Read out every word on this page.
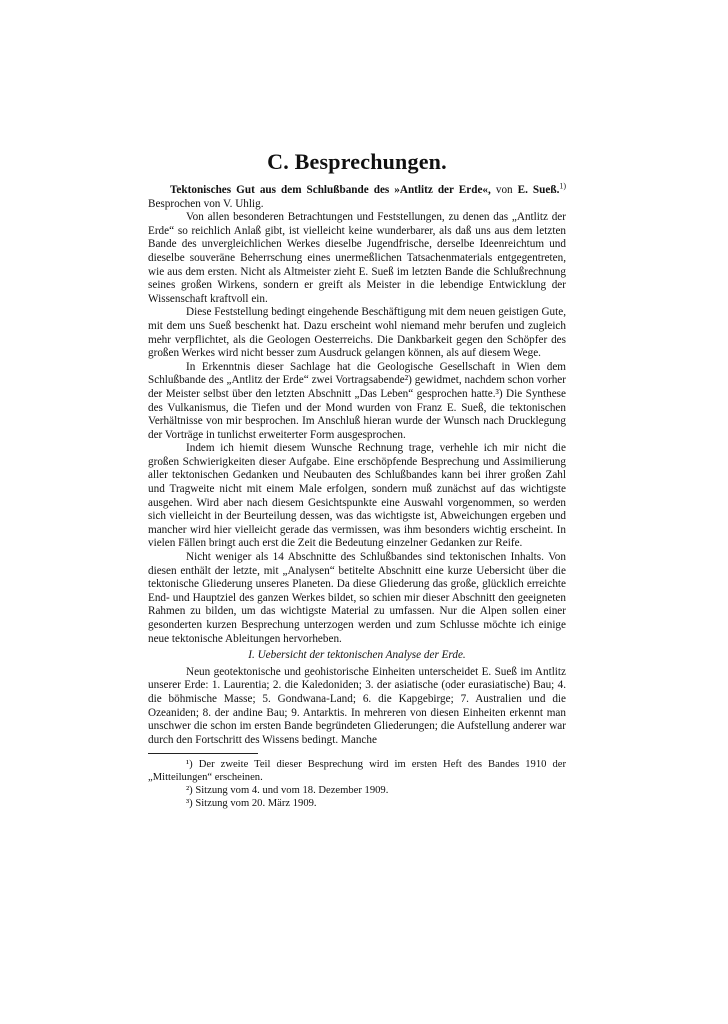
C. Besprechungen.

Tektonisches Gut aus dem Schlußbande des »Antlitz der Erde«, von E. Sueß.$^{1)}$ Besprochen von V. Uhlig.

Von allen besonderen Betrachtungen und Feststellungen, zu denen das „Antlitz der Erde“ so reichlich Anlaß gibt, ist vielleicht keine wunderbarer, als daß uns aus dem letzten Bande des unvergleichlichen Werkes dieselbe Jugendfrische, derselbe Ideenreichtum und dieselbe souveräne Beherrschung eines unermeßlichen Tatsachenmaterials entgegentreten, wie aus dem ersten. Nicht als Altmeister zieht E. Sueß im letzten Bande die Schlußrechnung seines großen Wirkens, sondern er greift als Meister in die lebendige Entwicklung der Wissenschaft kraftvoll ein.

Diese Feststellung bedingt eingehende Beschäftigung mit dem neuen geistigen Gute, mit dem uns Sueß beschenkt hat. Dazu erscheint wohl niemand mehr berufen und zugleich mehr verpflichtet, als die Geologen Oesterreichs. Die Dankbarkeit gegen den Schöpfer des großen Werkes wird nicht besser zum Ausdruck gelangen können, als auf diesem Wege.

In Erkenntnis dieser Sachlage hat die Geologische Gesellschaft in Wien dem Schlußbande des „Antlitz der Erde“ zwei Vortragsabende²) gewidmet, nachdem schon vorher der Meister selbst über den letzten Abschnitt „Das Leben“ gesprochen hatte.³) Die Synthese des Vulkanismus, die Tiefen und der Mond wurden von Franz E. Sueß, die tektonischen Verhältnisse von mir besprochen. Im Anschluß hieran wurde der Wunsch nach Drucklegung der Vorträge in tunlichst erweiterter Form ausgesprochen.

Indem ich hiemit diesem Wunsche Rechnung trage, verhehle ich mir nicht die großen Schwierigkeiten dieser Aufgabe. Eine erschöpfende Besprechung und Assimilierung aller tektonischen Gedanken und Neubauten des Schlußbandes kann bei ihrer großen Zahl und Tragweite nicht mit einem Male erfolgen, sondern muß zunächst auf das wichtigste ausgehen. Wird aber nach diesem Gesichtspunkte eine Auswahl vorgenommen, so werden sich vielleicht in der Beurteilung dessen, was das wichtigste ist, Abweichungen ergeben und mancher wird hier vielleicht gerade das vermissen, was ihm besonders wichtig erscheint. In vielen Fällen bringt auch erst die Zeit die Bedeutung einzelner Gedanken zur Reife.

Nicht weniger als 14 Abschnitte des Schlußbandes sind tektonischen Inhalts. Von diesen enthält der letzte, mit „Analysen“ betitelte Abschnitt eine kurze Uebersicht über die tektonische Gliederung unseres Planeten. Da diese Gliederung das große, glücklich erreichte End- und Hauptziel des ganzen Werkes bildet, so schien mir dieser Abschnitt den geeigneten Rahmen zu bilden, um das wichtigste Material zu umfassen. Nur die Alpen sollen einer gesonderten kurzen Besprechung unterzogen werden und zum Schlusse möchte ich einige neue tektonische Ableitungen hervorheben.

I. Uebersicht der tektonischen Analyse der Erde.

Neun geotektonische und geohistorische Einheiten unterscheidet E. Sueß im Antlitz unserer Erde: 1. Laurentia; 2. die Kaledoniden; 3. der asiatische (oder eurasiatische) Bau; 4. die böhmische Masse; 5. Gondwana-Land; 6. die Kapgebirge; 7. Australien und die Ozeaniden; 8. der andine Bau; 9. Antarktis. In mehreren von diesen Einheiten erkennt man unschwer die schon im ersten Bande begründeten Gliederungen; die Aufstellung anderer war durch den Fortschritt des Wissens bedingt. Manche

¹) Der zweite Teil dieser Besprechung wird im ersten Heft des Bandes 1910 der „Mitteilungen“ erscheinen.

²) Sitzung vom 4. und vom 18. Dezember 1909.

³) Sitzung vom 20. März 1909.
